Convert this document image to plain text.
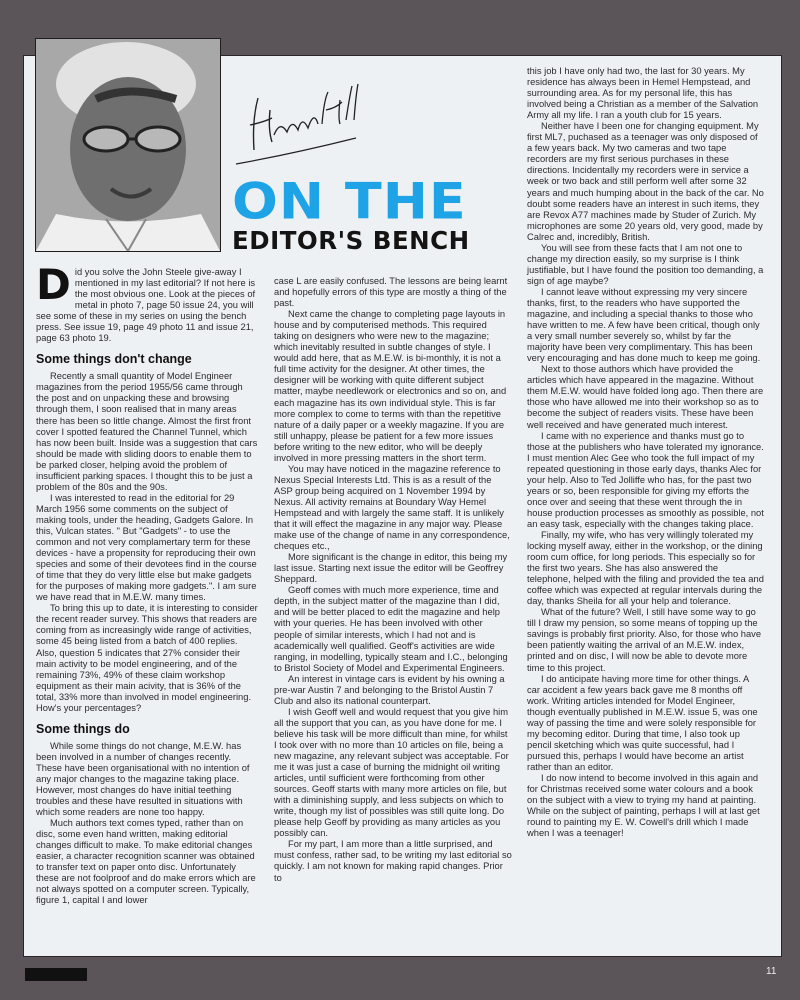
ON THE
EDITOR'S BENCH

Did you solve the John Steele give-away I mentioned in my last editorial? If not here is the most obvious one. Look at the pieces of metal in photo 7, page 50 issue 24, you will see some of these in my series on using the bench press. See issue 19, page 49 photo 11 and issue 21, page 63 photo 19.

Some things don't change

Recently a small quantity of Model Engineer magazines from the period 1955/56 came through the post and on unpacking these and browsing through them, I soon realised that in many areas there has been so little change. Almost the first front cover I spotted featured the Channel Tunnel, which has now been built. Inside was a suggestion that cars should be made with sliding doors to enable them to be parked closer, helping avoid the problem of insufficient parking spaces. I thought this to be just a problem of the 80s and the 90s.

I was interested to read in the editorial for 29 March 1956 some comments on the subject of making tools, under the heading, Gadgets Galore. In this, Vulcan states. " But "Gadgets" - to use the common and not very complamertary term for these devices - have a propensity for reproducing their own species and some of their devotees find in the course of time that they do very little else but make gadgets for the purposes of making more gadgets.". I am sure we have read that in M.E.W. many times.

To bring this up to date, it is interesting to consider the recent reader survey. This shows that readers are coming from as increasingly wide range of activities, some 45 being listed from a batch of 400 replies. Also, question 5 indicates that 27% consider their main activity to be model engineering, and of the remaining 73%, 49% of these claim workshop equipment as their main acivity, that is 36% of the total, 33% more than involved in model engineering. How's your percentages?

Some things do

While some things do not change, M.E.W. has been involved in a number of changes recently. These have been organisational with no intention of any major changes to the magazine taking place. However, most changes do have initial teething troubles and these have resulted in situations with which some readers are none too happy.

Much authors text comes typed, rather than on disc, some even hand written, making editorial changes difficult to make. To make editorial changes easier, a character recognition scanner was obtained to transfer text on paper onto disc. Unfortunately these are not foolproof and do make errors which are not always spotted on a computer screen. Typically, figure 1, capital I and lower

case L are easily confused. The lessons are being learnt and hopefully errors of this type are mostly a thing of the past.

Next came the change to completing page layouts in house and by computerised methods. This required taking on designers who were new to the magazine; which inevitably resulted in subtle changes of style. I would add here, that as M.E.W. is bi-monthly, it is not a full time activity for the designer. At other times, the designer will be working with quite different subject matter, maybe needlework or electronics and so on, and each magazine has its own individual style. This is far more complex to come to terms with than the repetitive nature of a daily paper or a weekly magazine. If you are still unhappy, please be patient for a few more issues before writing to the new editor, who will be deeply involved in more pressing matters in the short term.

You may have noticed in the magazine reference to Nexus Special Interests Ltd. This is as a result of the ASP group being acquired on 1 November 1994 by Nexus. All activity remains at Boundary Way Hemel Hempstead and with largely the same staff. It is unlikely that it will effect the magazine in any major way. Please make use of the change of name in any correspondence, cheques etc.,

More significant is the change in editor, this being my last issue. Starting next issue the editor will be Geoffrey Sheppard.

Geoff comes with much more experience, time and depth, in the subject matter of the magazine than I did, and will be better placed to edit the magazine and help with your queries. He has been involved with other people of similar interests, which I had not and is academically well qualified. Geoff's activities are wide ranging, in modelling, typically steam and I.C., belonging to Bristol Society of Model and Experimental Engineers.

An interest in vintage cars is evident by his owning a pre-war Austin 7 and belonging to the Bristol Austin 7 Club and also its national counterpart.

I wish Geoff well and would request that you give him all the support that you can, as you have done for me. I believe his task will be more difficult than mine, for whilst I took over with no more than 10 articles on file, being a new magazine, any relevant subject was acceptable. For me it was just a case of burning the midnight oil writing articles, until sufficient were forthcoming from other sources. Geoff starts with many more articles on file, but with a diminishing supply, and less subjects on which to write, though my list of possibles was still quite long. Do please help Geoff by providing as many articles as you possibly can.

For my part, I am more than a little surprised, and must confess, rather sad, to be writing my last editorial so quickly. I am not known for making rapid changes. Prior to

this job I have only had two, the last for 30 years. My residence has always been in Hemel Hempstead, and surrounding area. As for my personal life, this has involved being a Christian as a member of the Salvation Army all my life. I ran a youth club for 15 years.

Neither have I been one for changing equipment. My first ML7, puchased as a teenager was only disposed of a few years back. My two cameras and two tape recorders are my first serious purchases in these directions. Incidentally my recorders were in service a week or two back and still perform well after some 32 years and much humping about in the back of the car. No doubt some readers have an interest in such items, they are Revox A77 machines made by Studer of Zurich. My microphones are some 20 years old, very good, made by Calrec and, incredibly, British.

You will see from these facts that I am not one to change my direction easily, so my surprise is I think justifiable, but I have found the position too demanding, a sign of age maybe?

I cannot leave without expressing my very sincere thanks, first, to the readers who have supported the magazine, and including a special thanks to those who have written to me. A few have been critical, though only a very small number severely so, whilst by far the majority have been very complimentary. This has been very encouraging and has done much to keep me going.

Next to those authors which have provided the articles which have appeared in the magazine. Without them M.E.W. would have folded long ago. Then there are those who have allowed me into their workshop so as to become the subject of readers visits. These have been well received and have generated much interest.

I came with no experience and thanks must go to those at the publishers who have tolerated my ignorance. I must mention Alec Gee who took the full impact of my repeated questioning in those early days, thanks Alec for your help. Also to Ted Jolliffe who has, for the past two years or so, been responsible for giving my efforts the once over and seeing that these went through the in house production processes as smoothly as possible, not an easy task, especially with the changes taking place.

Finally, my wife, who has very willingly tolerated my locking myself away, either in the workshop, or the dining room cum office, for long periods. This especially so for the first two years. She has also answered the telephone, helped with the filing and provided the tea and coffee which was expected at regular intervals during the day, thanks Sheila for all your help and tolerance.

What of the future? Well, I still have some way to go till I draw my pension, so some means of topping up the savings is probably first priority. Also, for those who have been patiently waiting the arrival of an M.E.W. index, printed and on disc, I will now be able to devote more time to this project.

I do anticipate having more time for other things. A car accident a few years back gave me 8 months off work. Writing articles intended for Model Engineer, though eventually published in M.E.W. issue 5, was one way of passing the time and were solely responsible for my becoming editor. During that time, I also took up pencil sketching which was quite successful, had I pursued this, perhaps I would have become an artist rather than an editor.

I do now intend to become involved in this again and for Christmas received some water colours and a book on the subject with a view to trying my hand at painting. While on the subject of painting, perhaps I will at last get round to painting my E. W. Cowell's drill which I made when I was a teenager!

11
